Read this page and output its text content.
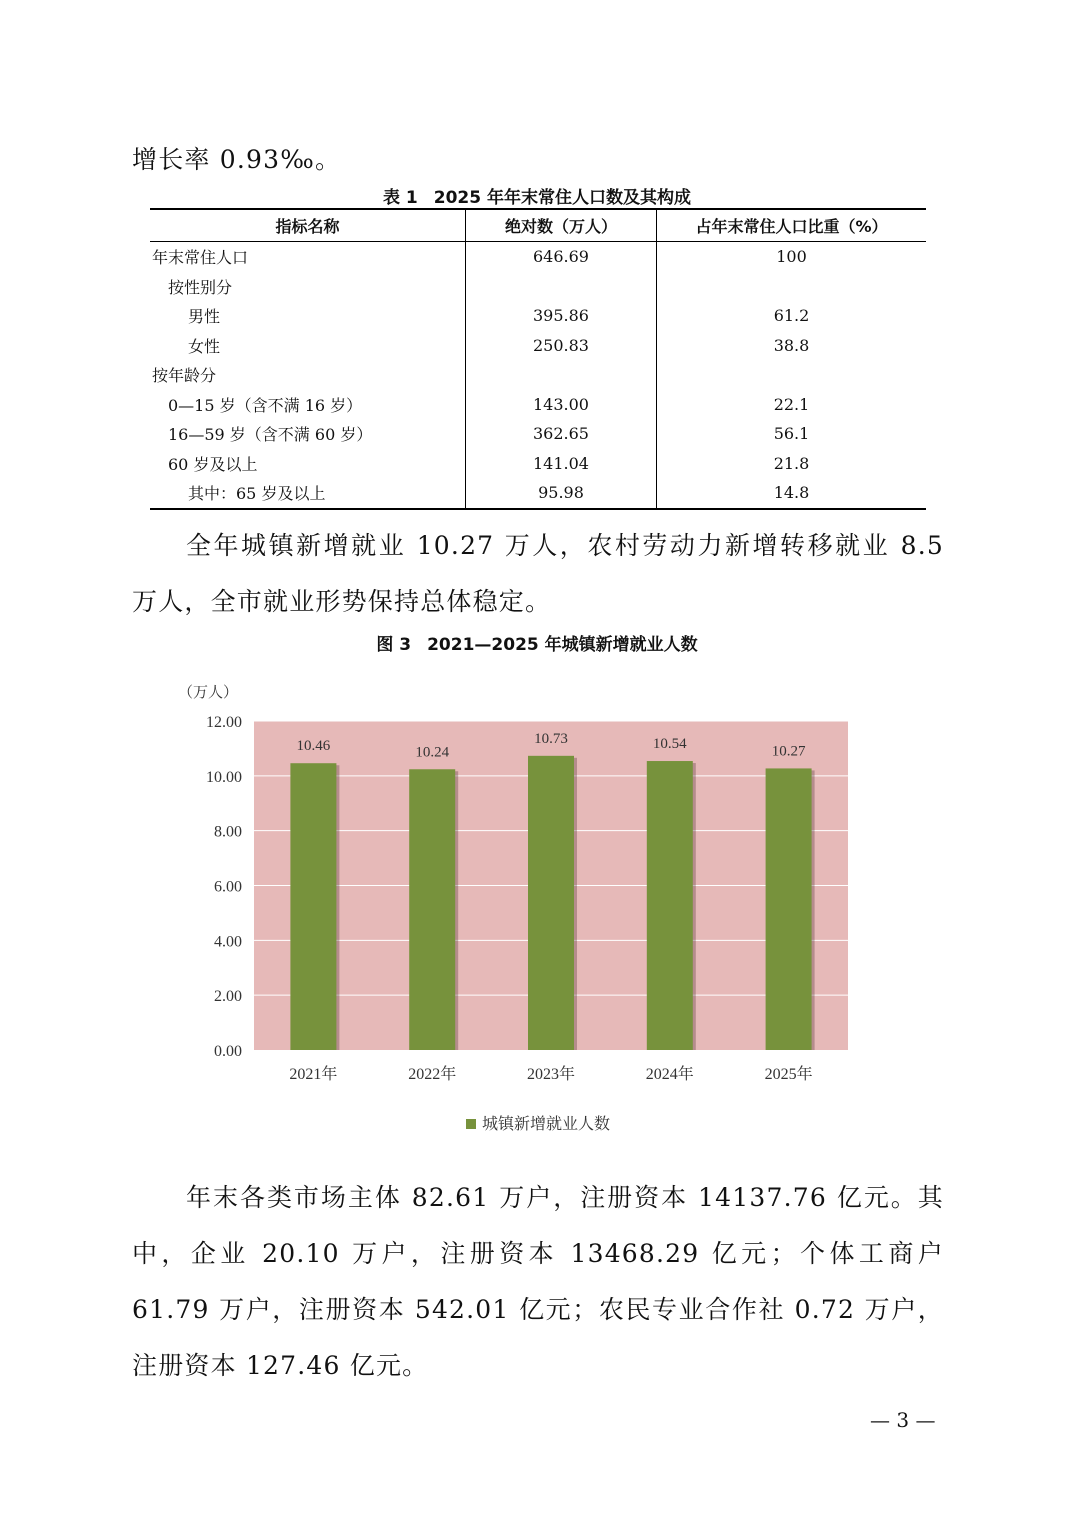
增长率 0.93‰。

表 1 2025 年年末常住人口数及其构成
指标名称	绝对数（万人）	占年末常住人口比重（%）
年末常住人口	646.69	100
按性别分		
男性	395.86	61.2
女性	250.83	38.8
按年龄分		
0—15 岁（含不满 16 岁）	143.00	22.1
16—59 岁（含不满 60 岁）	362.65	56.1
60 岁及以上	141.04	21.8
其中：65 岁及以上	95.98	14.8

全年城镇新增就业 10.27 万人，农村劳动力新增转移就业 8.5 万人，全市就业形势保持总体稳定。

图 3 2021—2025 年城镇新增就业人数
0.00
2.00
4.00
6.00
8.00
10.00
12.00
（万人）
10.46
2021年
10.24
2022年
10.73
2023年
10.54
2024年
10.27
2025年
城镇新增就业人数

年末各类市场主体 82.61 万户，注册资本 14137.76 亿元。其中，企业 20.10 万户，注册资本 13468.29 亿元；个体工商户 61.79 万户，注册资本 542.01 亿元；农民专业合作社 0.72 万户，注册资本 127.46 亿元。

— 3 —
